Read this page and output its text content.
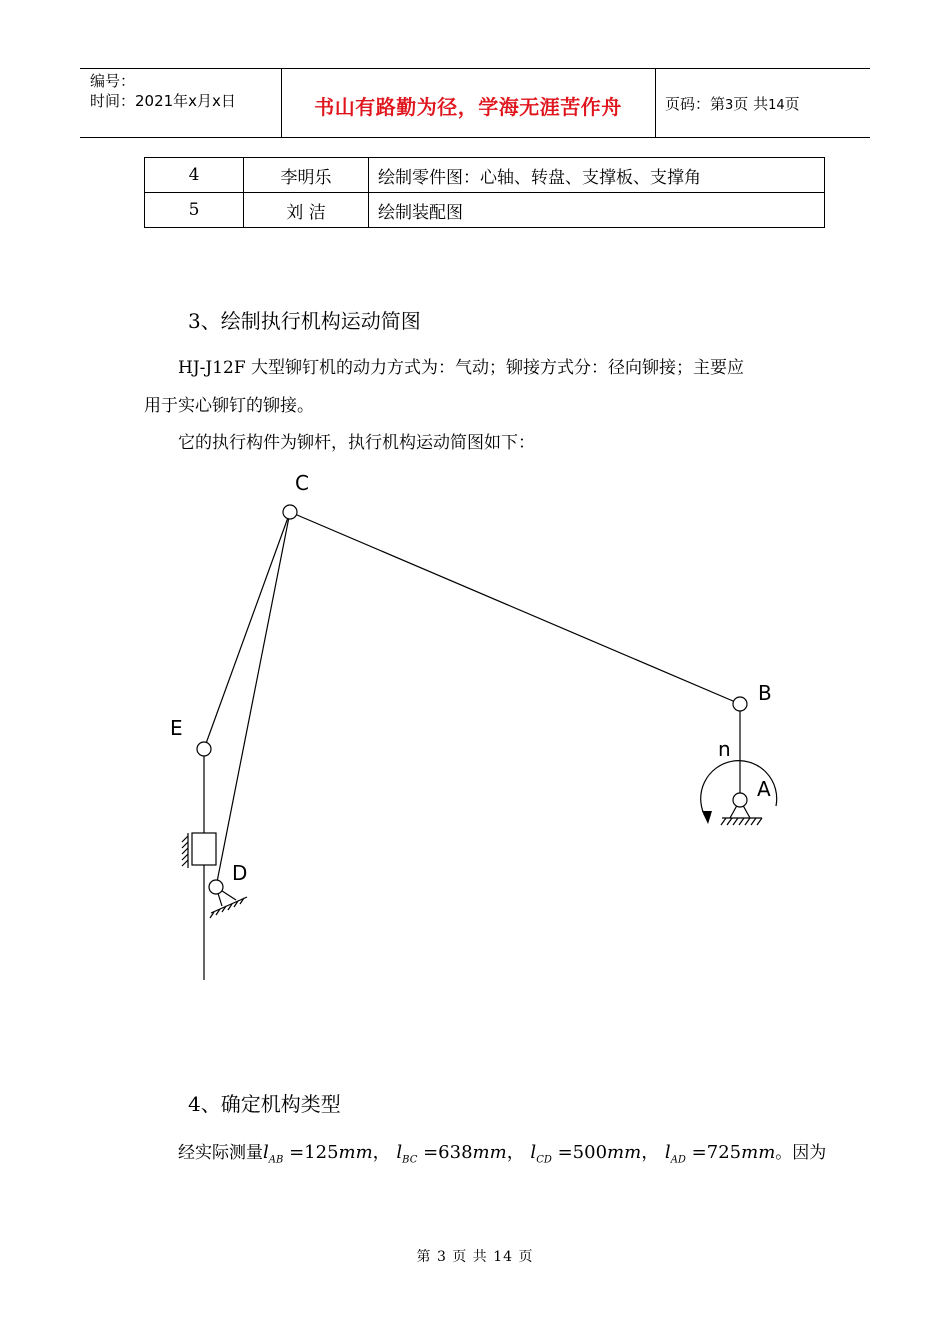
编号：
时间：2021年x月x日	书山有路勤为径，学海无涯苦作舟	页码：第3页 共14页
4	李明乐	绘制零件图：心轴、转盘、支撑板、支撑角
5	刘 洁	绘制装配图
3、绘制执行机构运动简图
HJ-J12F 大型铆钉机的动力方式为：气动；铆接方式分：径向铆接；主要应
用于实心铆钉的铆接。
它的执行构件为铆杆，执行机构运动简图如下：
C
B
E
A
D
n
4、确定机构类型
经实际测量$l_{AB} =125mm$， $l_{BC} =638mm$， $l_{CD} =500mm$， $l_{AD} =725mm$。因为
第 3 页 共 14 页
